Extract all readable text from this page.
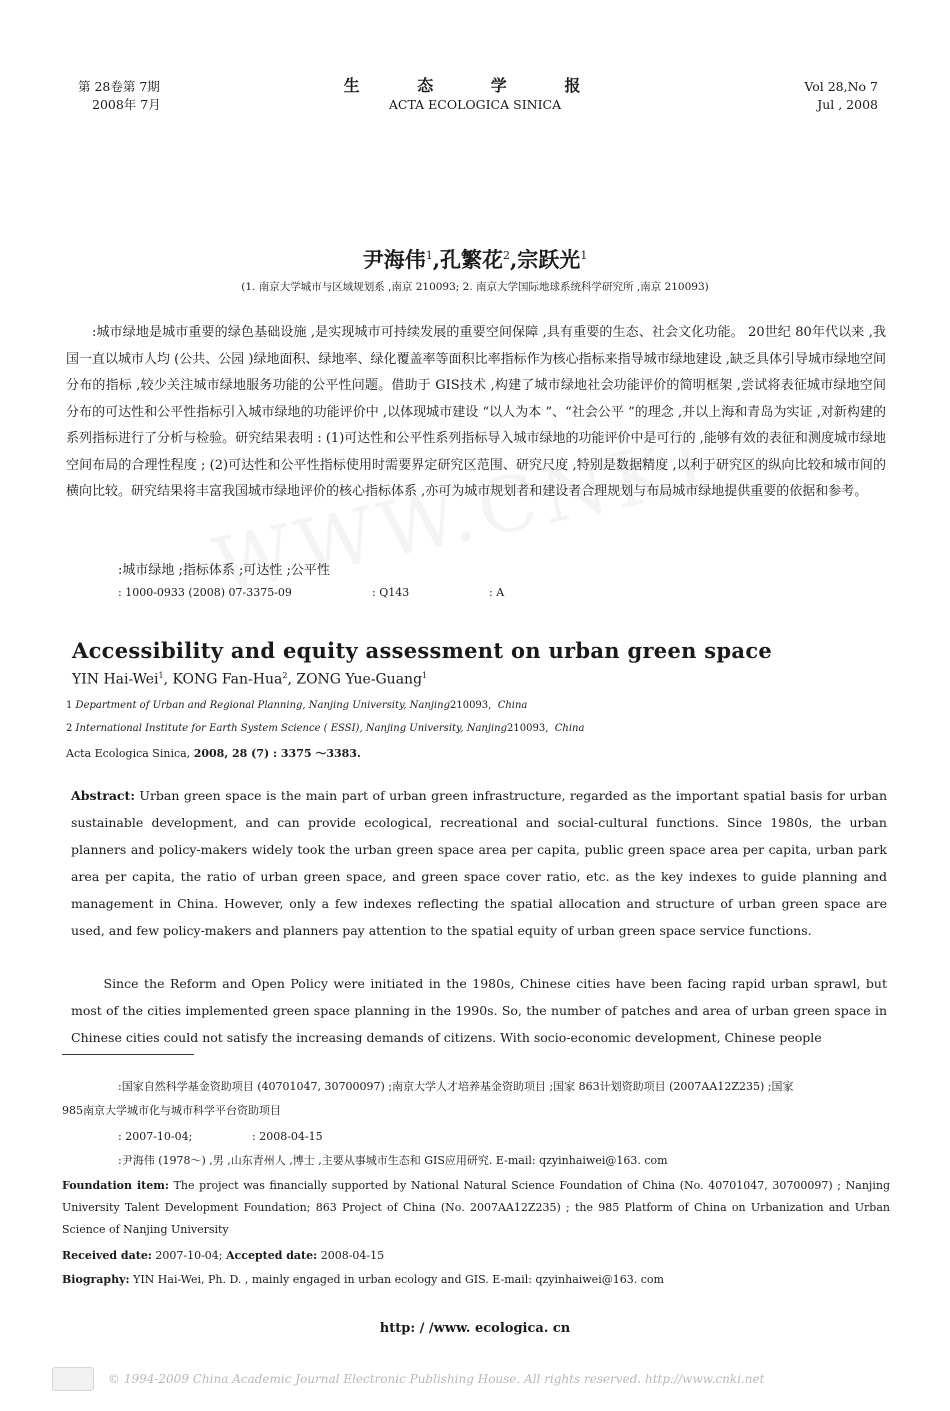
第 28卷第 7期
2008年 7月
生 态 学 报
ACTA ECOLOGICA SINICA
Vol 28,No 7
Jul , 2008
尹海伟$^1$,孔繁花$^2$,宗跃光$^1$
(1. 南京大学城市与区域规划系 ,南京 210093; 2. 南京大学国际地球系统科学研究所 ,南京 210093)
:城市绿地是城市重要的绿色基础设施 ,是实现城市可持续发展的重要空间保障 ,具有重要的生态、社会文化功能。 20世纪 80年代以来 ,我国一直以城市人均 (公共、公园 )绿地面积、绿地率、绿化覆盖率等面积比率指标作为核心指标来指导城市绿地建设 ,缺乏具体引导城市绿地空间分布的指标 ,较少关注城市绿地服务功能的公平性问题。借助于 GIS技术 ,构建了城市绿地社会功能评价的简明框架 ,尝试将表征城市绿地空间分布的可达性和公平性指标引入城市绿地的功能评价中 ,以体现城市建设 “以人为本 ”、“社会公平 ”的理念 ,并以上海和青岛为实证 ,对新构建的系列指标进行了分析与检验。研究结果表明 : (1)可达性和公平性系列指标导入城市绿地的功能评价中是可行的 ,能够有效的表征和测度城市绿地空间布局的合理性程度 ; (2)可达性和公平性指标使用时需要界定研究区范围、研究尺度 ,特别是数据精度 ,以利于研究区的纵向比较和城市间的横向比较。研究结果将丰富我国城市绿地评价的核心指标体系 ,亦可为城市规划者和建设者合理规划与布局城市绿地提供重要的依据和参考。
:城市绿地 ;指标体系 ;可达性 ;公平性
: 1000-0933 (2008) 07-3375-09	: Q143	: A
Accessibility and equity assessment on urban green space
YIN Hai-Wei$^1$, KONG Fan-Hua$^2$, ZONG Yue-Guang$^1$
1 Department of Urban and Regional Planning, Nanjing University, Nanjing210093, China
2 International Institute for Earth System Science ( ESSI), Nanjing University, Nanjing210093, China
Acta Ecologica Sinica, 2008, 28 (7) : 3375 ～3383.
Abstract: Urban green space is the main part of urban green infrastructure, regarded as the important spatial basis for urban sustainable development, and can provide ecological, recreational and social-cultural functions. Since 1980s, the urban planners and policy-makers widely took the urban green space area per capita, public green space area per capita, urban park area per capita, the ratio of urban green space, and green space cover ratio, etc. as the key indexes to guide planning and management in China. However, only a few indexes reflecting the spatial allocation and structure of urban green space are used, and few policy-makers and planners pay attention to the spatial equity of urban green space service functions.
Since the Reform and Open Policy were initiated in the 1980s, Chinese cities have been facing rapid urban sprawl, but most of the cities implemented green space planning in the 1990s. So, the number of patches and area of urban green space in Chinese cities could not satisfy the increasing demands of citizens. With socio-economic development, Chinese people
:国家自然科学基金资助项目 (40701047, 30700097) ;南京大学人才培养基金资助项目 ;国家 863计划资助项目 (2007AA12Z235) ;国家
985南京大学城市化与城市科学平台资助项目
: 2007-10-04;	: 2008-04-15
:尹海伟 (1978～) ,男 ,山东青州人 ,博士 ,主要从事城市生态和 GIS应用研究. E-mail: qzyinhaiwei@163. com
Foundation item: The project was financially supported by National Natural Science Foundation of China (No. 40701047, 30700097) ; Nanjing University Talent Development Foundation; 863 Project of China (No. 2007AA12Z235) ; the 985 Platform of China on Urbanization and Urban Science of Nanjing University
Received date: 2007-10-04; Accepted date: 2008-04-15
Biography: YIN Hai-Wei, Ph. D. , mainly engaged in urban ecology and GIS. E-mail: qzyinhaiwei@163. com
http: / /www. ecologica. cn
© 1994-2009 China Academic Journal Electronic Publishing House. All rights reserved. http://www.cnki.net
